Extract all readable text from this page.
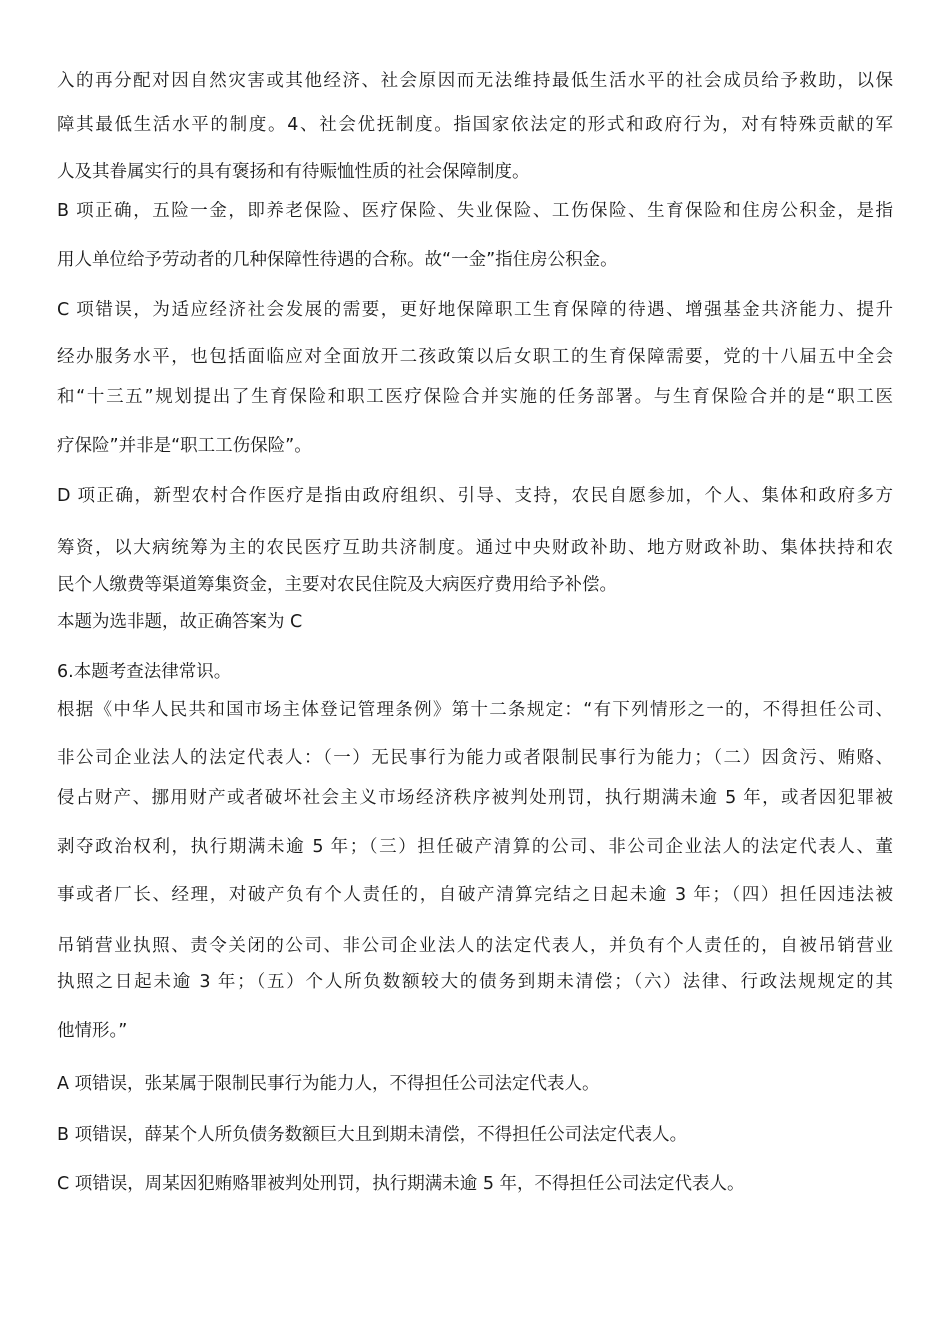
入的再分配对因自然灾害或其他经济、社会原因而无法维持最低生活水平的社会成员给予救助，以保
障其最低生活水平的制度。4、社会优抚制度。指国家依法定的形式和政府行为，对有特殊贡献的军
人及其眷属实行的具有褒扬和有待赈恤性质的社会保障制度。
B 项正确，五险一金，即养老保险、医疗保险、失业保险、工伤保险、生育保险和住房公积金，是指
用人单位给予劳动者的几种保障性待遇的合称。故“一金”指住房公积金。
C 项错误，为适应经济社会发展的需要，更好地保障职工生育保障的待遇、增强基金共济能力、提升
经办服务水平，也包括面临应对全面放开二孩政策以后女职工的生育保障需要，党的十八届五中全会
和“十三五”规划提出了生育保险和职工医疗保险合并实施的任务部署。与生育保险合并的是“职工医
疗保险”并非是“职工工伤保险”。
D 项正确，新型农村合作医疗是指由政府组织、引导、支持，农民自愿参加，个人、集体和政府多方
筹资，以大病统筹为主的农民医疗互助共济制度。通过中央财政补助、地方财政补助、集体扶持和农
民个人缴费等渠道筹集资金，主要对农民住院及大病医疗费用给予补偿。
本题为选非题，故正确答案为 C
6.本题考查法律常识。
根据《中华人民共和国市场主体登记管理条例》第十二条规定：“有下列情形之一的，不得担任公司、
非公司企业法人的法定代表人：（一）无民事行为能力或者限制民事行为能力；（二）因贪污、贿赂、
侵占财产、挪用财产或者破坏社会主义市场经济秩序被判处刑罚，执行期满未逾 5 年，或者因犯罪被
剥夺政治权利，执行期满未逾 5 年；（三）担任破产清算的公司、非公司企业法人的法定代表人、董
事或者厂长、经理，对破产负有个人责任的，自破产清算完结之日起未逾 3 年；（四）担任因违法被
吊销营业执照、责令关闭的公司、非公司企业法人的法定代表人，并负有个人责任的，自被吊销营业
执照之日起未逾 3 年；（五）个人所负数额较大的债务到期未清偿；（六）法律、行政法规规定的其
他情形。”
A 项错误，张某属于限制民事行为能力人，不得担任公司法定代表人。
B 项错误，薛某个人所负债务数额巨大且到期未清偿，不得担任公司法定代表人。
C 项错误，周某因犯贿赂罪被判处刑罚，执行期满未逾 5 年，不得担任公司法定代表人。
